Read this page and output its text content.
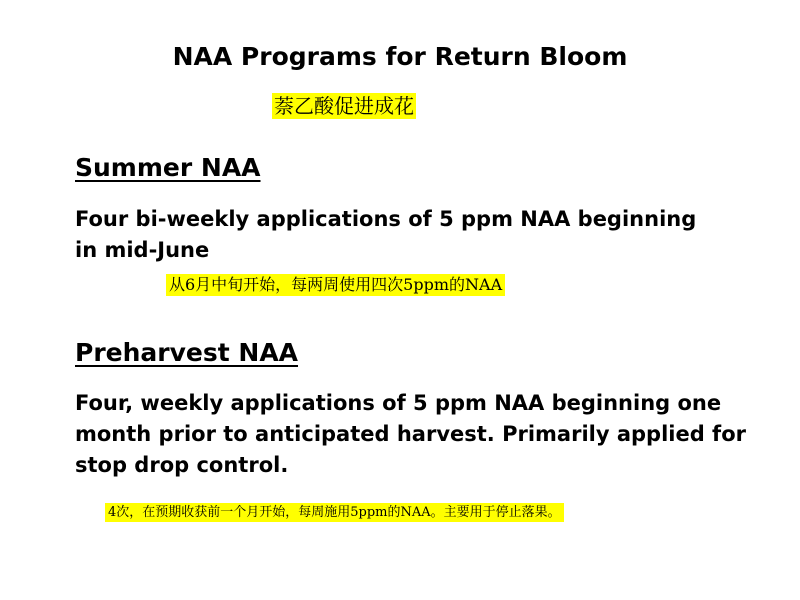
NAA Programs for Return Bloom
萘乙酸促进成花
Summer NAA

Four bi-weekly applications of 5 ppm NAA beginning in mid-June

从6月中旬开始，每两周使用四次5ppm的NAA
Preharvest NAA

Four, weekly applications of 5 ppm NAA beginning one month prior to anticipated harvest. Primarily applied for stop drop control.

4次，在预期收获前一个月开始，每周施用5ppm的NAA。主要用于停止落果。
